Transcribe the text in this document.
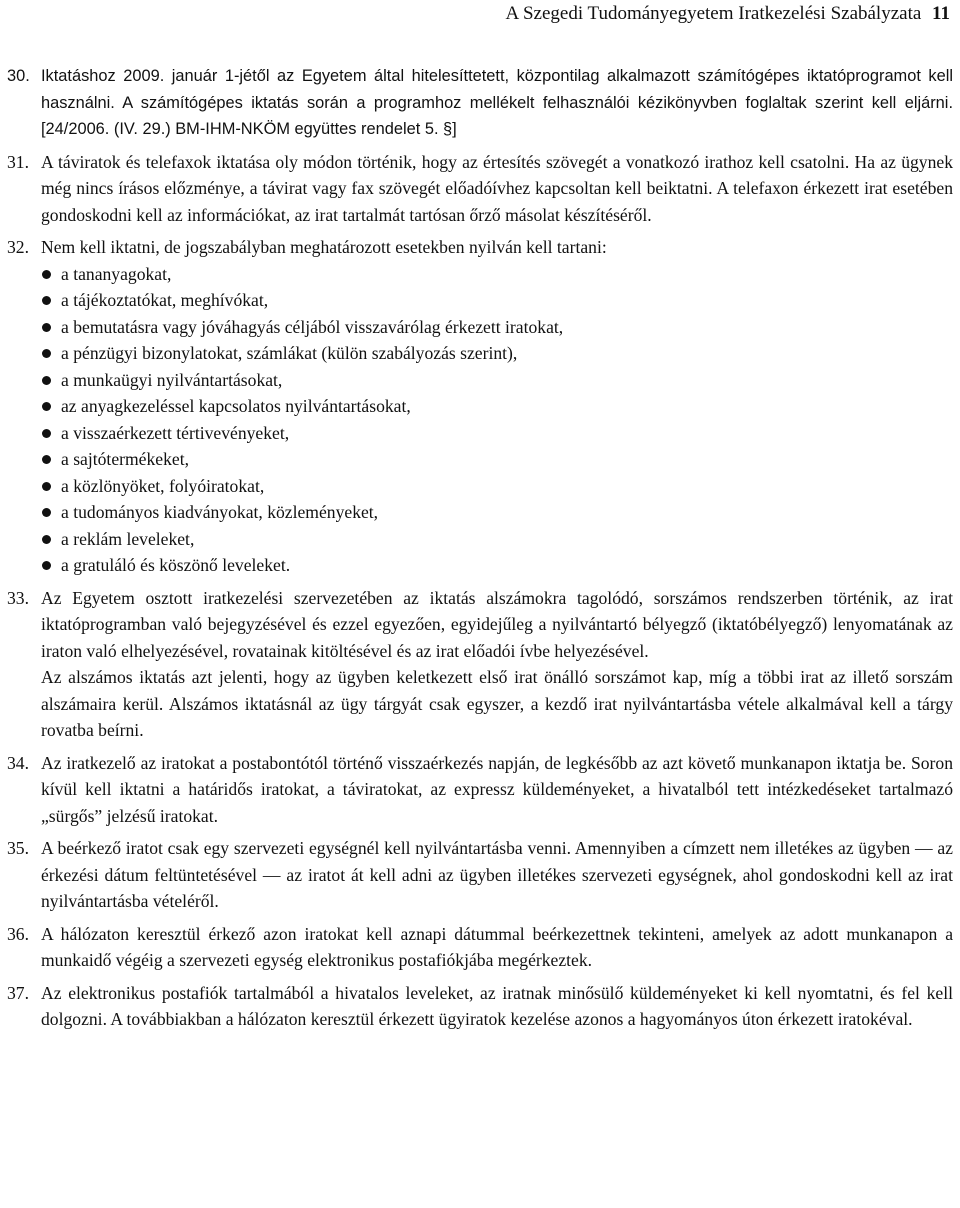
A Szegedi Tudományegyetem Iratkezelési Szabályzata 11
30. Iktatáshoz 2009. január 1-jétől az Egyetem által hitelesíttetett, központilag alkalmazott számítógépes iktatóprogramot kell használni. A számítógépes iktatás során a programhoz mellékelt felhasználói kézikönyvben foglaltak szerint kell eljárni. [24/2006. (IV. 29.) BM-IHM-NKÖM együttes rendelet 5. §]
31. A táviratok és telefaxok iktatása oly módon történik, hogy az értesítés szövegét a vonatkozó irathoz kell csatolni. Ha az ügynek még nincs írásos előzménye, a távirat vagy fax szövegét előadóívhez kapcsoltan kell beiktatni. A telefaxon érkezett irat esetében gondoskodni kell az információkat, az irat tartalmát tartósan őrző másolat készítéséről.
32. Nem kell iktatni, de jogszabályban meghatározott esetekben nyilván kell tartani:
a tananyagokat,
a tájékoztatókat, meghívókat,
a bemutatásra vagy jóváhagyás céljából visszavárólag érkezett iratokat,
a pénzügyi bizonylatokat, számlákat (külön szabályozás szerint),
a munkaügyi nyilvántartásokat,
az anyagkezeléssel kapcsolatos nyilvántartásokat,
a visszaérkezett tértivevényeket,
a sajtótermékeket,
a közlönyöket, folyóiratokat,
a tudományos kiadványokat, közleményeket,
a reklám leveleket,
a gratuláló és köszönő leveleket.
33. Az Egyetem osztott iratkezelési szervezetében az iktatás alszámokra tagolódó, sorszámos rendszerben történik, az irat iktatóprogramban való bejegyzésével és ezzel egyezően, egyidejűleg a nyilvántartó bélyegző (iktatóbélyegző) lenyomatának az iraton való elhelyezésével, rovatainak kitöltésével és az irat előadói ívbe helyezésével.
Az alszámos iktatás azt jelenti, hogy az ügyben keletkezett első irat önálló sorszámot kap, míg a többi irat az illető sorszám alszámaira kerül. Alszámos iktatásnál az ügy tárgyát csak egyszer, a kezdő irat nyilvántartásba vétele alkalmával kell a tárgy rovatba beírni.
34. Az iratkezelő az iratokat a postabontótól történő visszaérkezés napján, de legkésőbb az azt követő munkanapon iktatja be. Soron kívül kell iktatni a határidős iratokat, a táviratokat, az expressz küldeményeket, a hivatalból tett intézkedéseket tartalmazó „sürgős” jelzésű iratokat.
35. A beérkező iratot csak egy szervezeti egységnél kell nyilvántartásba venni. Amennyiben a címzett nem illetékes az ügyben — az érkezési dátum feltüntetésével — az iratot át kell adni az ügyben illetékes szervezeti egységnek, ahol gondoskodni kell az irat nyilvántartásba vételéről.
36. A hálózaton keresztül érkező azon iratokat kell aznapi dátummal beérkezettnek tekinteni, amelyek az adott munkanapon a munkaidő végéig a szervezeti egység elektronikus postafiókjába megérkeztek.
37. Az elektronikus postafiók tartalmából a hivatalos leveleket, az iratnak minősülő küldeményeket ki kell nyomtatni, és fel kell dolgozni. A továbbiakban a hálózaton keresztül érkezett ügyiratok kezelése azonos a hagyományos úton érkezett iratokéval.
